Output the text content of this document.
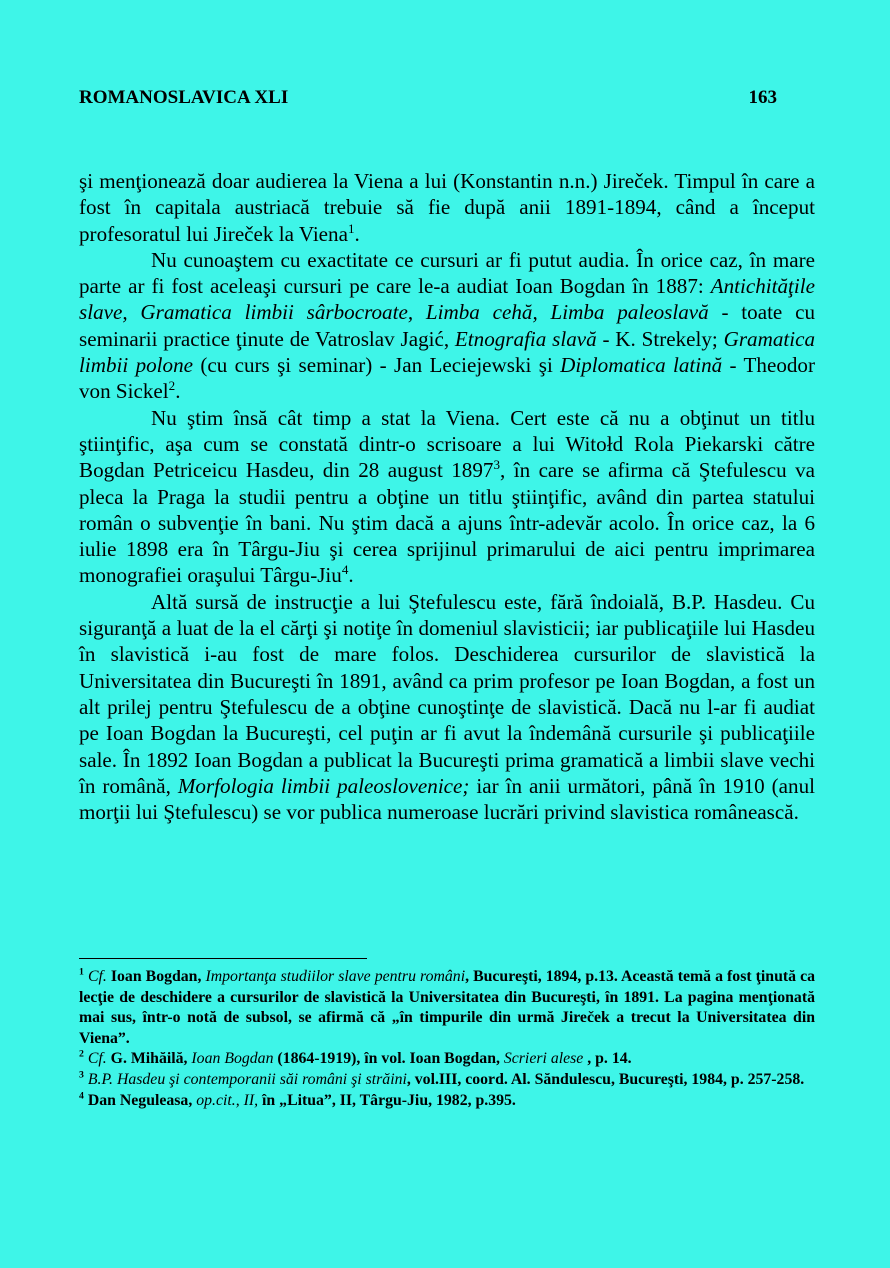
ROMANOSLAVICA XLI	163

şi menţionează doar audierea la Viena a lui (Konstantin n.n.) Jireček. Timpul în care a fost în capitala austriacă trebuie să fie după anii 1891-1894, când a început profesoratul lui Jireček la Viena$^1$.

Nu cunoaştem cu exactitate ce cursuri ar fi putut audia. În orice caz, în mare parte ar fi fost aceleaşi cursuri pe care le-a audiat Ioan Bogdan în 1887: Antichităţile slave, Gramatica limbii sârbocroate, Limba cehă, Limba paleoslavă - toate cu seminarii practice ţinute de Vatroslav Jagić, Etnografia slavă - K. Strekely; Gramatica limbii polone (cu curs şi seminar) - Jan Leciejewski şi Diplomatica latină - Theodor von Sickel$^2$.

Nu ştim însă cât timp a stat la Viena. Cert este că nu a obţinut un titlu ştiinţific, aşa cum se constată dintr-o scrisoare a lui Witołd Rola Piekarski către Bogdan Petriceicu Hasdeu, din 28 august 1897$^3$, în care se afirma că Ştefulescu va pleca la Praga la studii pentru a obţine un titlu ştiinţific, având din partea statului român o subvenţie în bani. Nu ştim dacă a ajuns într-adevăr acolo. În orice caz, la 6 iulie 1898 era în Târgu-Jiu şi cerea sprijinul primarului de aici pentru imprimarea monografiei oraşului Târgu-Jiu$^4$.

Altă sursă de instrucţie a lui Ştefulescu este, fără îndoială, B.P. Hasdeu. Cu siguranţă a luat de la el cărţi şi notiţe în domeniul slavisticii; iar publicaţiile lui Hasdeu în slavistică i-au fost de mare folos. Deschiderea cursurilor de slavistică la Universitatea din Bucureşti în 1891, având ca prim profesor pe Ioan Bogdan, a fost un alt prilej pentru Ştefulescu de a obţine cunoştinţe de slavistică. Dacă nu l-ar fi audiat pe Ioan Bogdan la Bucureşti, cel puţin ar fi avut la îndemână cursurile şi publicaţiile sale. În 1892 Ioan Bogdan a publicat la Bucureşti prima gramatică a limbii slave vechi în română, Morfologia limbii paleoslovenice; iar în anii următori, până în 1910 (anul morţii lui Ştefulescu) se vor publica numeroase lucrări privind slavistica românească.

$^1$ Cf. Ioan Bogdan, Importanţa studiilor slave pentru români, Bucureşti, 1894, p.13. Această temă a fost ţinută ca lecţie de deschidere a cursurilor de slavistică la Universitatea din Bucureşti, în 1891. La pagina menţionată mai sus, într-o notă de subsol, se afirmă că „în timpurile din urmă Jireček a trecut la Universitatea din Viena”.

$^2$ Cf. G. Mihăilă, Ioan Bogdan (1864-1919), în vol. Ioan Bogdan, Scrieri alese , p. 14.

$^3$ B.P. Hasdeu şi contemporanii săi români şi străini, vol.III, coord. Al. Săndulescu, Bucureşti, 1984, p. 257-258.

$^4$ Dan Neguleasa, op.cit., II, în „Litua”, II, Târgu-Jiu, 1982, p.395.
